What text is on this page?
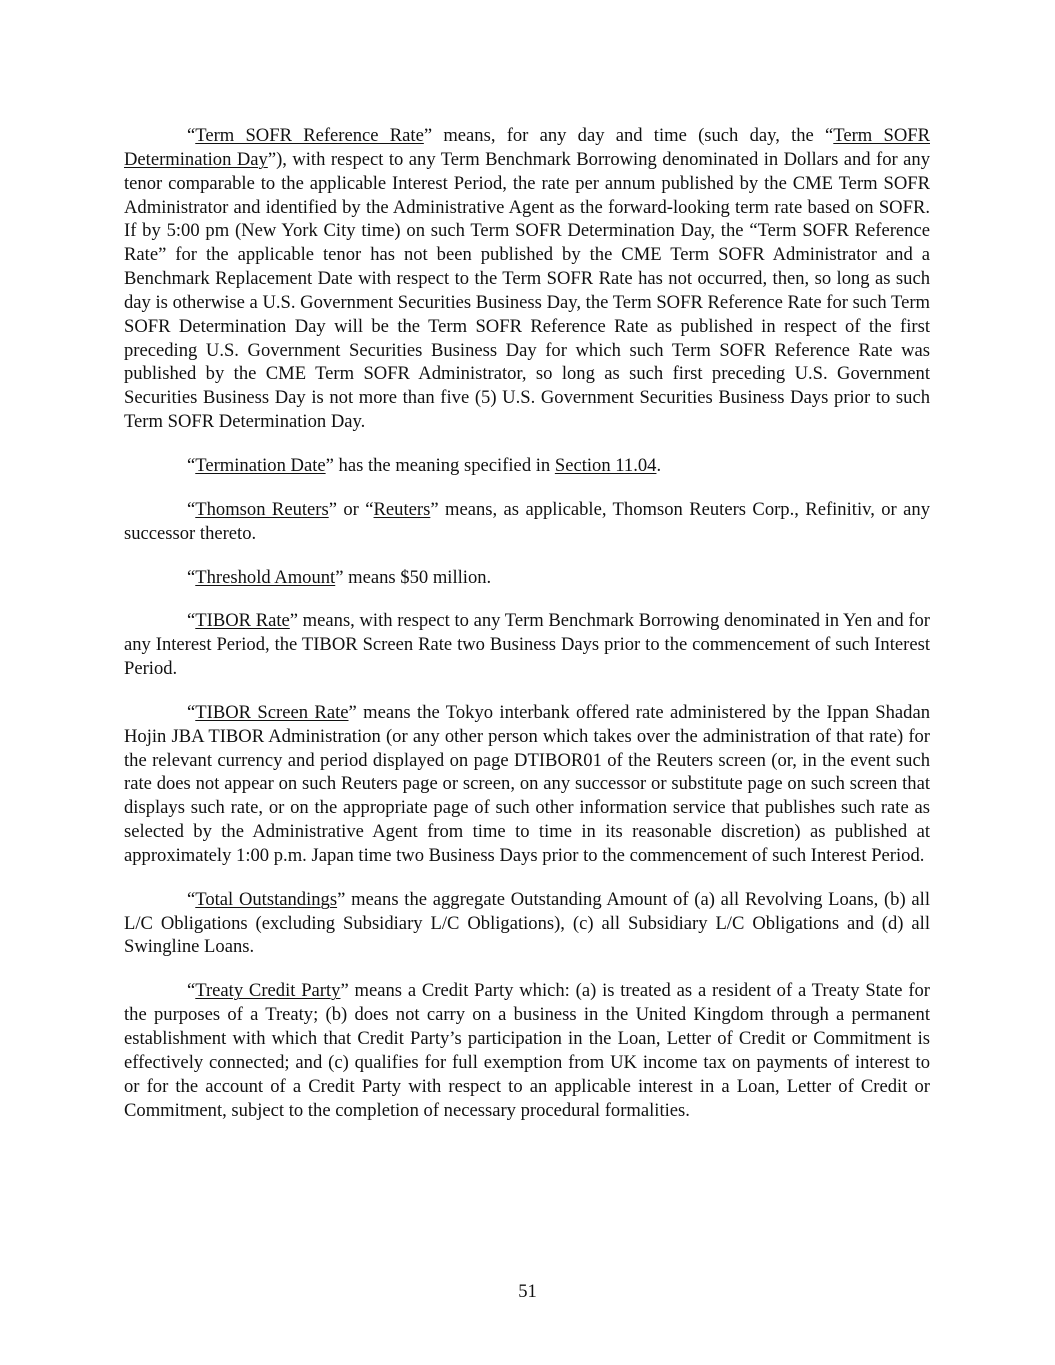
“Term SOFR Reference Rate” means, for any day and time (such day, the “Term SOFR Determination Day”), with respect to any Term Benchmark Borrowing denominated in Dollars and for any tenor comparable to the applicable Interest Period, the rate per annum published by the CME Term SOFR Administrator and identified by the Administrative Agent as the forward-looking term rate based on SOFR. If by 5:00 pm (New York City time) on such Term SOFR Determination Day, the “Term SOFR Reference Rate” for the applicable tenor has not been published by the CME Term SOFR Administrator and a Benchmark Replacement Date with respect to the Term SOFR Rate has not occurred, then, so long as such day is otherwise a U.S. Government Securities Business Day, the Term SOFR Reference Rate for such Term SOFR Determination Day will be the Term SOFR Reference Rate as published in respect of the first preceding U.S. Government Securities Business Day for which such Term SOFR Reference Rate was published by the CME Term SOFR Administrator, so long as such first preceding U.S. Government Securities Business Day is not more than five (5) U.S. Government Securities Business Days prior to such Term SOFR Determination Day.

“Termination Date” has the meaning specified in Section 11.04.

“Thomson Reuters” or “Reuters” means, as applicable, Thomson Reuters Corp., Refinitiv, or any successor thereto.

“Threshold Amount” means $50 million.

“TIBOR Rate” means, with respect to any Term Benchmark Borrowing denominated in Yen and for any Interest Period, the TIBOR Screen Rate two Business Days prior to the commencement of such Interest Period.

“TIBOR Screen Rate” means the Tokyo interbank offered rate administered by the Ippan Shadan Hojin JBA TIBOR Administration (or any other person which takes over the administration of that rate) for the relevant currency and period displayed on page DTIBOR01 of the Reuters screen (or, in the event such rate does not appear on such Reuters page or screen, on any successor or substitute page on such screen that displays such rate, or on the appropriate page of such other information service that publishes such rate as selected by the Administrative Agent from time to time in its reasonable discretion) as published at approximately 1:00 p.m. Japan time two Business Days prior to the commencement of such Interest Period.

“Total Outstandings” means the aggregate Outstanding Amount of (a) all Revolving Loans, (b) all L/C Obligations (excluding Subsidiary L/C Obligations), (c) all Subsidiary L/C Obligations and (d) all Swingline Loans.

“Treaty Credit Party” means a Credit Party which: (a) is treated as a resident of a Treaty State for the purposes of a Treaty; (b) does not carry on a business in the United Kingdom through a permanent establishment with which that Credit Party’s participation in the Loan, Letter of Credit or Commitment is effectively connected; and (c) qualifies for full exemption from UK income tax on payments of interest to or for the account of a Credit Party with respect to an applicable interest in a Loan, Letter of Credit or Commitment, subject to the completion of necessary procedural formalities.

51
